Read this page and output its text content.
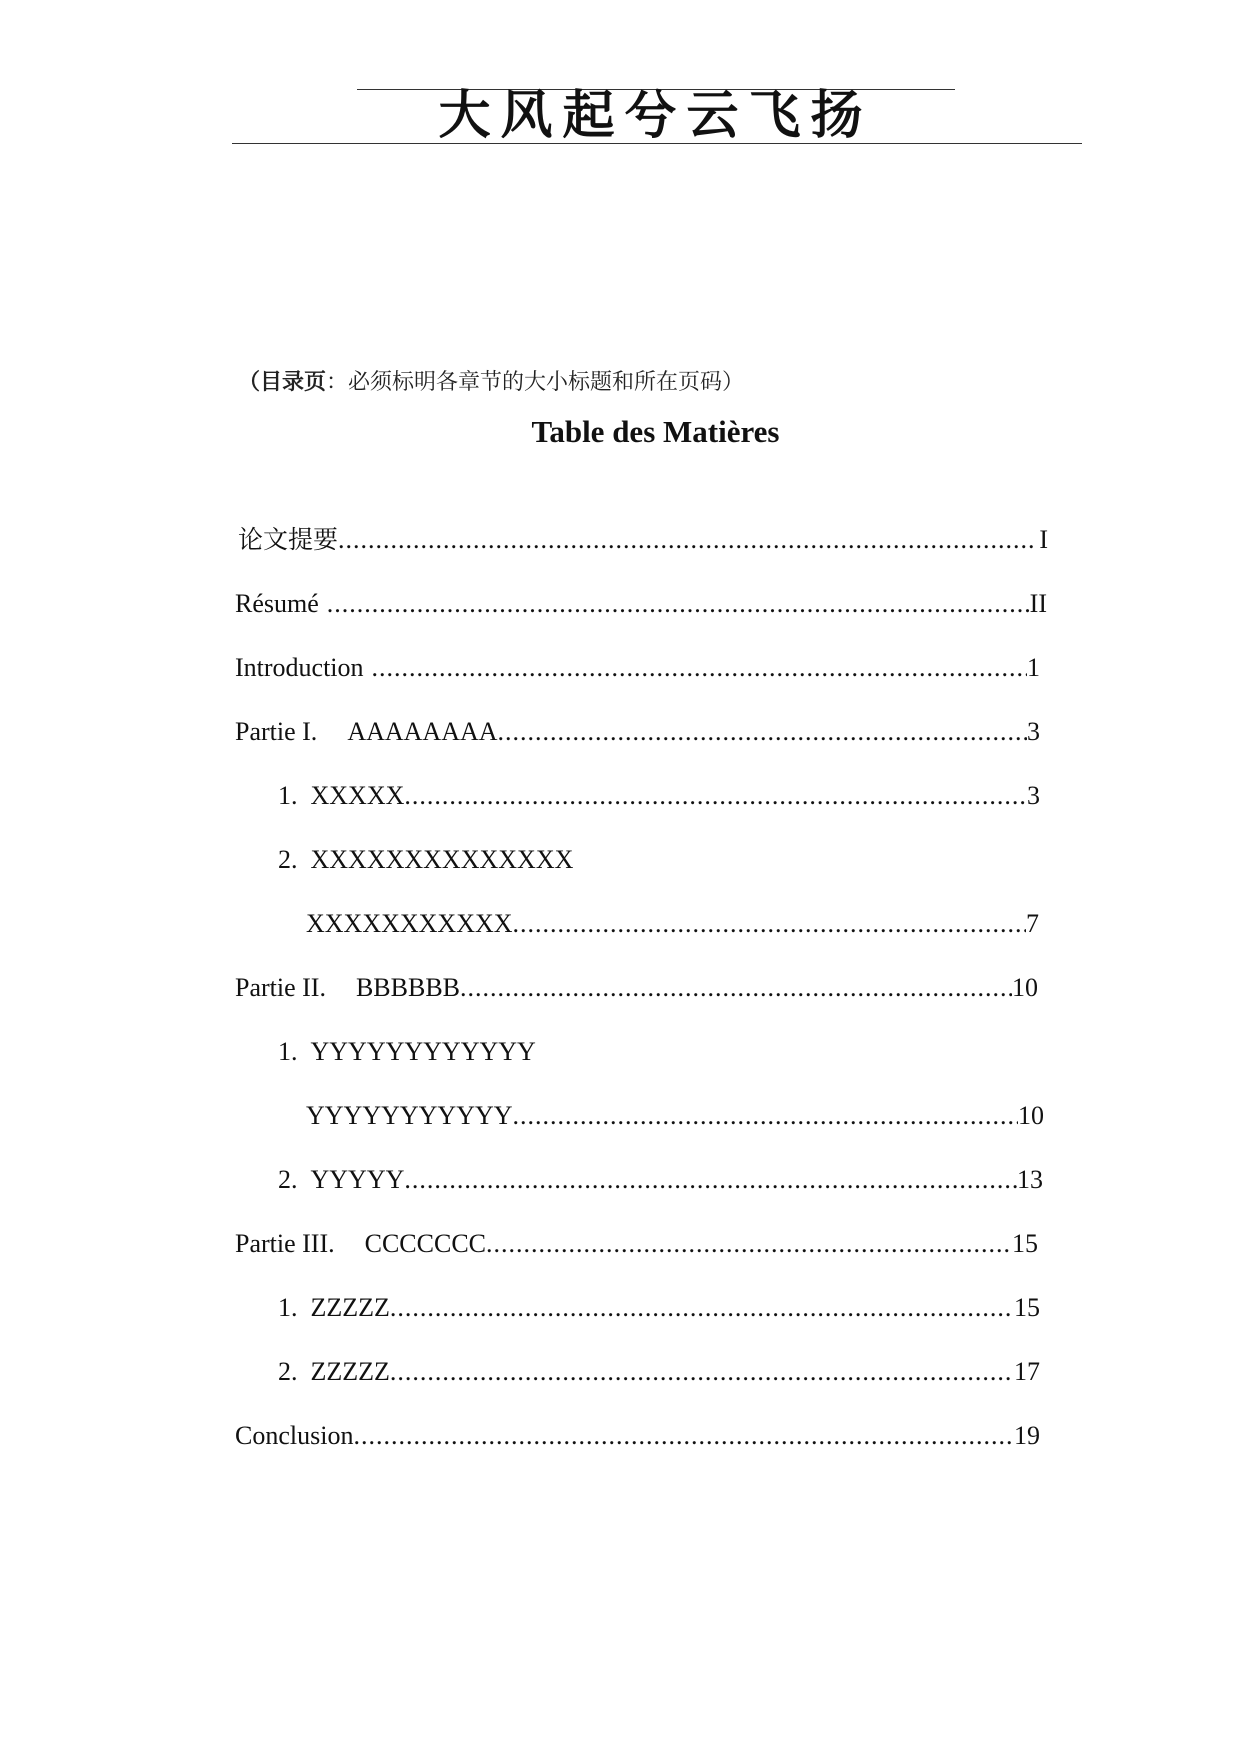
大风起兮云飞扬
（目录页：必须标明各章节的大小标题和所在页码）
Table des Matières
论文提要 .....	I
Résumé .....	II
Introduction .....	1
Partie I. AAAAAAAA .....	3
1. XXXXX .....	3
2. XXXXXXXXXXXXXX
XXXXXXXXXXX .....	7
Partie II. BBBBBB .....	10
1. YYYYYYYYYYYY
YYYYYYYYYYY .....	10
2. YYYYY .....	13
Partie III. CCCCCCC .....	15
1. ZZZZZ .....	15
2. ZZZZZ .....	17
Conclusion .....	19
